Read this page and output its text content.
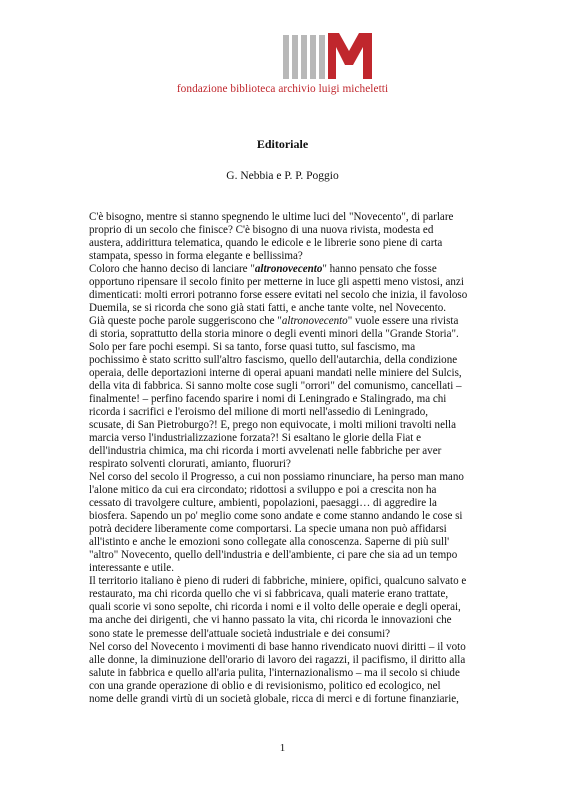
fondazione biblioteca archivio luigi micheletti
Editoriale
G. Nebbia e P. P. Poggio

C'è bisogno, mentre si stanno spegnendo le ultime luci del "Novecento", di parlare
proprio di un secolo che finisce? C'è bisogno di una nuova rivista, modesta ed
austera, addirittura telematica, quando le edicole e le librerie sono piene di carta
stampata, spesso in forma elegante e bellissima?

Coloro che hanno deciso di lanciare "altronovecento" hanno pensato che fosse
opportuno ripensare il secolo finito per metterne in luce gli aspetti meno vistosi, anzi
dimenticati: molti errori potranno forse essere evitati nel secolo che inizia, il favoloso
Duemila, se si ricorda che sono già stati fatti, e anche tante volte, nel Novecento.

Già queste poche parole suggeriscono che "altronovecento" vuole essere una rivista
di storia, soprattutto della storia minore o degli eventi minori della "Grande Storia".
Solo per fare pochi esempi. Si sa tanto, forse quasi tutto, sul fascismo, ma
pochissimo è stato scritto sull'altro fascismo, quello dell'autarchia, della condizione
operaia, delle deportazioni interne di operai apuani mandati nelle miniere del Sulcis,
della vita di fabbrica. Si sanno molte cose sugli "orrori" del comunismo, cancellati –
finalmente! – perfino facendo sparire i nomi di Leningrado e Stalingrado, ma chi
ricorda i sacrifici e l'eroismo del milione di morti nell'assedio di Leningrado,
scusate, di San Pietroburgo?! E, prego non equivocate, i molti milioni travolti nella
marcia verso l'industrializzazione forzata?! Si esaltano le glorie della Fiat e
dell'industria chimica, ma chi ricorda i morti avvelenati nelle fabbriche per aver
respirato solventi clorurati, amianto, fluoruri?

Nel corso del secolo il Progresso, a cui non possiamo rinunciare, ha perso man mano
l'alone mitico da cui era circondato; ridottosi a sviluppo e poi a crescita non ha
cessato di travolgere culture, ambienti, popolazioni, paesaggi… di aggredire la
biosfera. Sapendo un po' meglio come sono andate e come stanno andando le cose si
potrà decidere liberamente come comportarsi. La specie umana non può affidarsi
all'istinto e anche le emozioni sono collegate alla conoscenza. Saperne di più sull'
"altro" Novecento, quello dell'industria e dell'ambiente, ci pare che sia ad un tempo
interessante e utile.

Il territorio italiano è pieno di ruderi di fabbriche, miniere, opifici, qualcuno salvato e
restaurato, ma chi ricorda quello che vi si fabbricava, quali materie erano trattate,
quali scorie vi sono sepolte, chi ricorda i nomi e il volto delle operaie e degli operai,
ma anche dei dirigenti, che vi hanno passato la vita, chi ricorda le innovazioni che
sono state le premesse dell'attuale società industriale e dei consumi?

Nel corso del Novecento i movimenti di base hanno rivendicato nuovi diritti – il voto
alle donne, la diminuzione dell'orario di lavoro dei ragazzi, il pacifismo, il diritto alla
salute in fabbrica e quello all'aria pulita, l'internazionalismo – ma il secolo si chiude
con una grande operazione di oblio e di revisionismo, politico ed ecologico, nel
nome delle grandi virtù di un società globale, ricca di merci e di fortune finanziarie,

1
